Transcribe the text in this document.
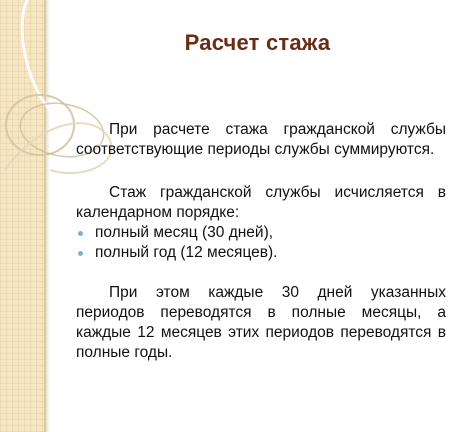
Расчет стажа

При расчете стажа гражданской службы соответствующие периоды службы суммируются.

Стаж гражданской службы исчисляется в календарном порядке:

полный месяц (30 дней),
полный год (12 месяцев).

При этом каждые 30 дней указанных периодов переводятся в полные месяцы, а каждые 12 месяцев этих периодов переводятся в полные годы.
